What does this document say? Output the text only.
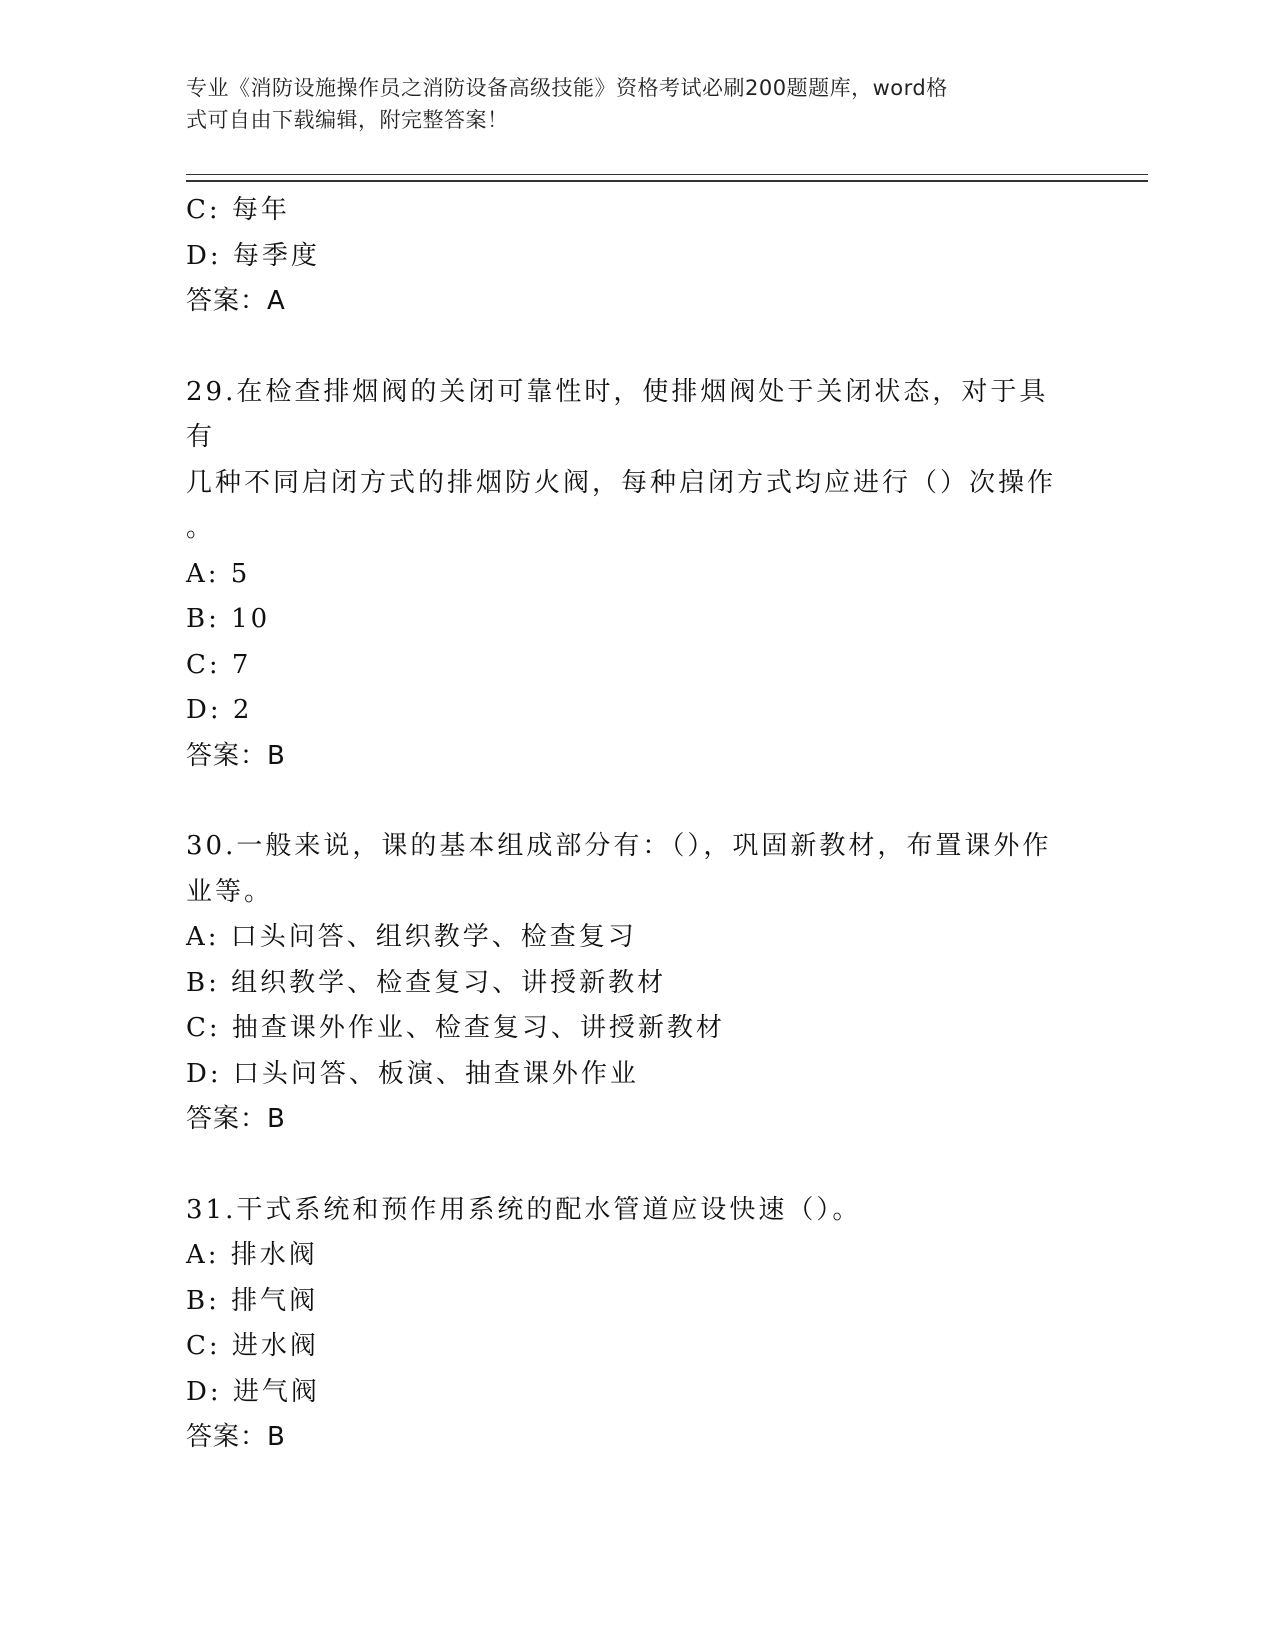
专业《消防设施操作员之消防设备高级技能》资格考试必刷200题题库，word格
式可自由下载编辑，附完整答案！

C: 每年

D: 每季度

答案：A

29.在检查排烟阀的关闭可靠性时，使排烟阀处于关闭状态，对于具有

几种不同启闭方式的排烟防火阀，每种启闭方式均应进行（）次操作

。

A: 5

B: 10

C: 7

D: 2

答案：B

30.一般来说，课的基本组成部分有：（），巩固新教材，布置课外作

业等。

A: 口头问答、组织教学、检查复习

B: 组织教学、检查复习、讲授新教材

C: 抽查课外作业、检查复习、讲授新教材

D: 口头问答、板演、抽查课外作业

答案：B

31.干式系统和预作用系统的配水管道应设快速（）。

A: 排水阀

B: 排气阀

C: 进水阀

D: 进气阀

答案：B
